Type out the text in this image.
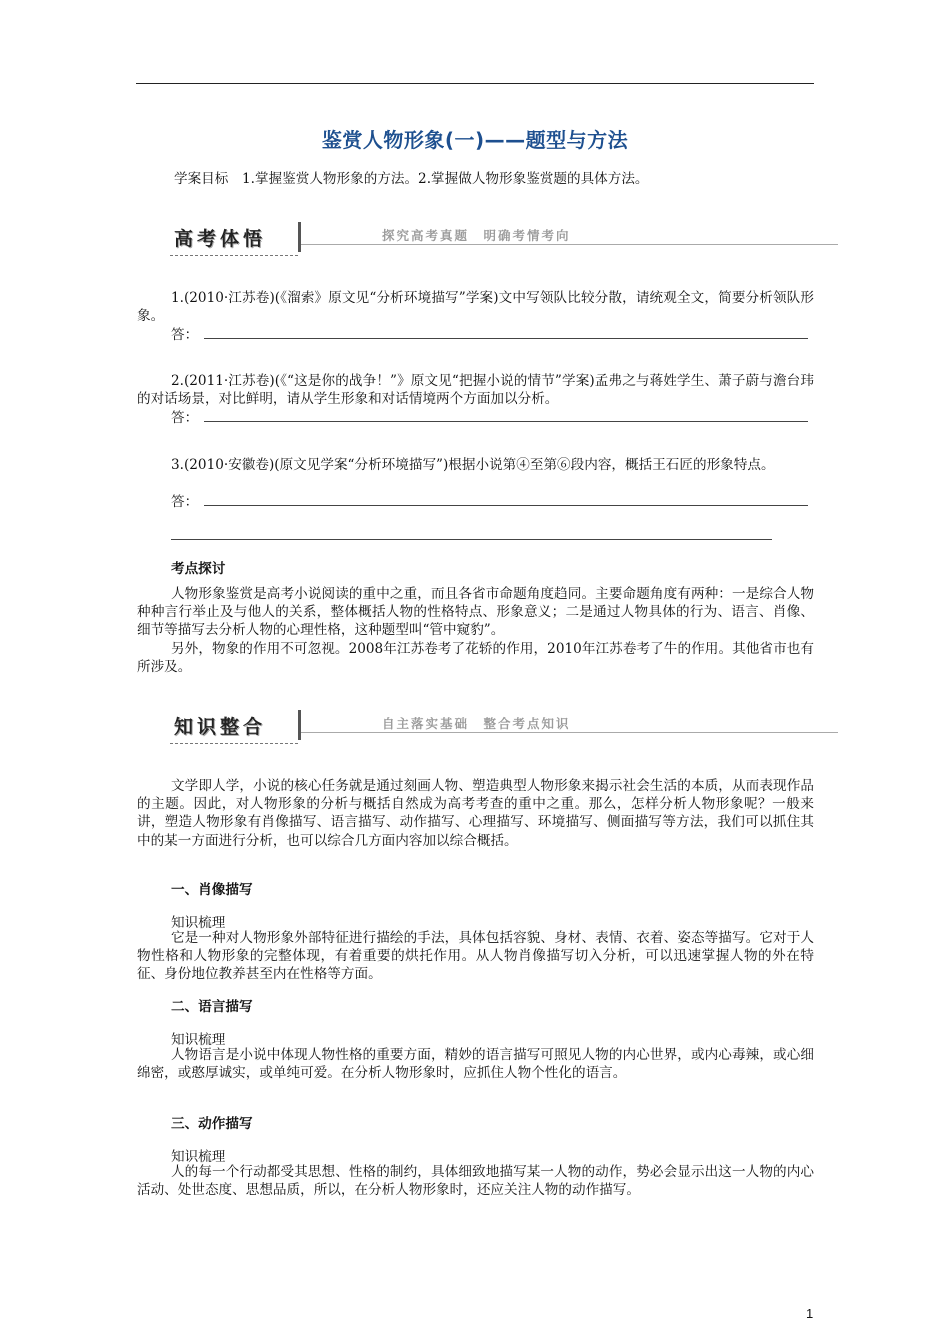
鉴赏人物形象(一)——题型与方法
学案目标　1.掌握鉴赏人物形象的方法。2.掌握做人物形象鉴赏题的具体方法。
高考体悟	探究高考真题　明确考情考向
1.(2010·江苏卷)(《溜索》原文见“分析环境描写”学案)文中写领队比较分散，请统观全文，简要分析领队形象。
答：
2.(2011·江苏卷)(《“这是你的战争！”》原文见“把握小说的情节”学案)孟弗之与蒋姓学生、萧子蔚与澹台玮的对话场景，对比鲜明，请从学生形象和对话情境两个方面加以分析。
答：
3.(2010·安徽卷)(原文见学案“分析环境描写”)根据小说第④至第⑥段内容，概括王石匠的形象特点。
答：
考点探讨
人物形象鉴赏是高考小说阅读的重中之重，而且各省市命题角度趋同。主要命题角度有两种：一是综合人物种种言行举止及与他人的关系，整体概括人物的性格特点、形象意义；二是通过人物具体的行为、语言、肖像、细节等描写去分析人物的心理性格，这种题型叫“管中窥豹”。
另外，物象的作用不可忽视。2008年江苏卷考了花轿的作用，2010年江苏卷考了牛的作用。其他省市也有所涉及。
知识整合	自主落实基础　整合考点知识
文学即人学，小说的核心任务就是通过刻画人物、塑造典型人物形象来揭示社会生活的本质，从而表现作品的主题。因此，对人物形象的分析与概括自然成为高考考查的重中之重。那么，怎样分析人物形象呢？一般来讲，塑造人物形象有肖像描写、语言描写、动作描写、心理描写、环境描写、侧面描写等方法，我们可以抓住其中的某一方面进行分析，也可以综合几方面内容加以综合概括。
一、肖像描写
知识梳理
它是一种对人物形象外部特征进行描绘的手法，具体包括容貌、身材、表情、衣着、姿态等描写。它对于人物性格和人物形象的完整体现，有着重要的烘托作用。从人物肖像描写切入分析，可以迅速掌握人物的外在特征、身份地位教养甚至内在性格等方面。
二、语言描写
知识梳理
人物语言是小说中体现人物性格的重要方面，精妙的语言描写可照见人物的内心世界，或内心毒辣，或心细绵密，或憨厚诚实，或单纯可爱。在分析人物形象时，应抓住人物个性化的语言。
三、动作描写
知识梳理
人的每一个行动都受其思想、性格的制约，具体细致地描写某一人物的动作，势必会显示出这一人物的内心活动、处世态度、思想品质，所以，在分析人物形象时，还应关注人物的动作描写。
1
